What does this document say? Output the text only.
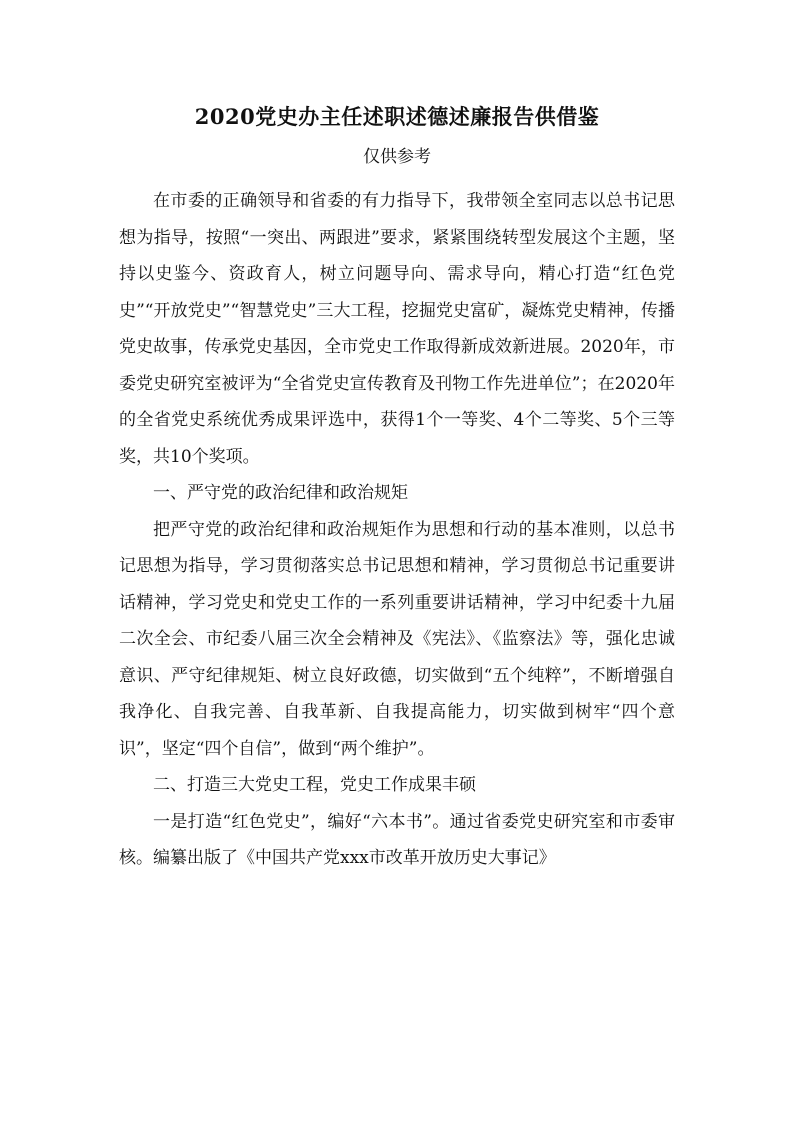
2020党史办主任述职述德述廉报告供借鉴
仅供参考

在市委的正确领导和省委的有力指导下，我带领全室同志以总书记思想为指导，按照“一突出、两跟进”要求，紧紧围绕转型发展这个主题，坚持以史鉴今、资政育人，树立问题导向、需求导向，精心打造“红色党史”“开放党史”“智慧党史”三大工程，挖掘党史富矿，凝炼党史精神，传播党史故事，传承党史基因，全市党史工作取得新成效新进展。2020年，市委党史研究室被评为“全省党史宣传教育及刊物工作先进单位”；在2020年的全省党史系统优秀成果评选中，获得1个一等奖、4个二等奖、5个三等奖，共10个奖项。

一、严守党的政治纪律和政治规矩

把严守党的政治纪律和政治规矩作为思想和行动的基本准则，以总书记思想为指导，学习贯彻落实总书记思想和精神，学习贯彻总书记重要讲话精神，学习党史和党史工作的一系列重要讲话精神，学习中纪委十九届二次全会、市纪委八届三次全会精神及《宪法》、《监察法》等，强化忠诚意识、严守纪律规矩、树立良好政德，切实做到“五个纯粹”，不断增强自我净化、自我完善、自我革新、自我提高能力，切实做到树牢“四个意识”，坚定“四个自信”，做到“两个维护”。

二、打造三大党史工程，党史工作成果丰硕

一是打造“红色党史”，编好“六本书”。通过省委党史研究室和市委审核。编纂出版了《中国共产党xxx市改革开放历史大事记》
